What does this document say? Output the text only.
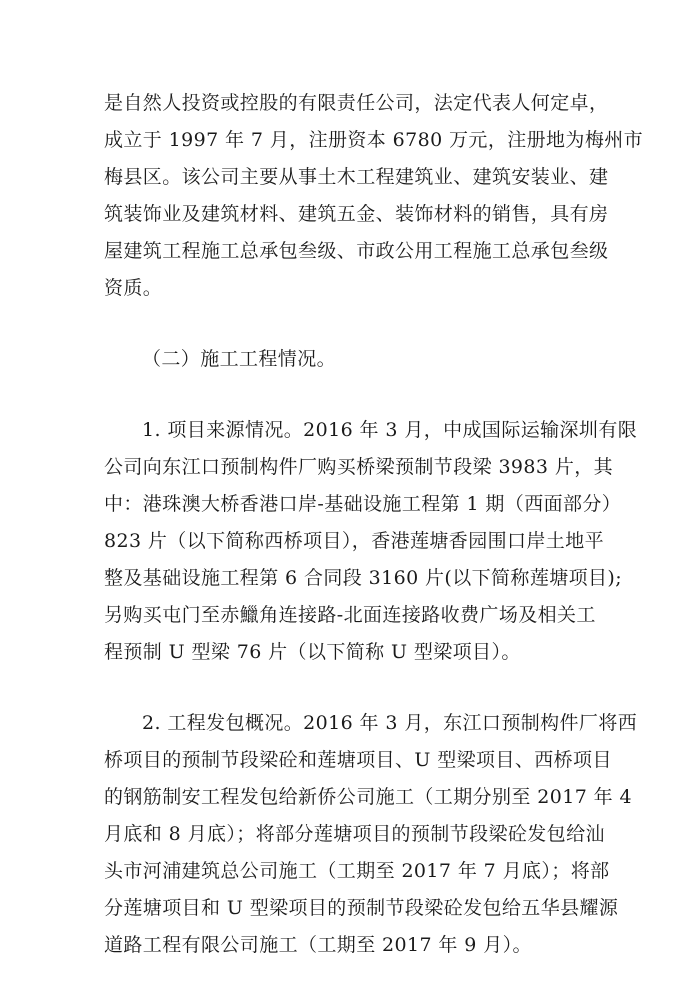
是自然人投资或控股的有限责任公司，法定代表人何定卓，
成立于 1997 年 7 月，注册资本 6780 万元，注册地为梅州市
梅县区。该公司主要从事土木工程建筑业、建筑安装业、建
筑装饰业及建筑材料、建筑五金、装饰材料的销售，具有房
屋建筑工程施工总承包叁级、市政公用工程施工总承包叁级
资质。
（二）施工工程情况。
1. 项目来源情况。2016 年 3 月，中成国际运输深圳有限
公司向东江口预制构件厂购买桥梁预制节段梁 3983 片，其
中：港珠澳大桥香港口岸-基础设施工程第 1 期（西面部分）
823 片（以下简称西桥项目），香港莲塘香园围口岸土地平
整及基础设施工程第 6 合同段 3160 片(以下简称莲塘项目);
另购买屯门至赤鱲角连接路-北面连接路收费广场及相关工
程预制 U 型梁 76 片（以下简称 U 型梁项目）。
2. 工程发包概况。2016 年 3 月，东江口预制构件厂将西
桥项目的预制节段梁砼和莲塘项目、U 型梁项目、西桥项目
的钢筋制安工程发包给新侨公司施工（工期分别至 2017 年 4
月底和 8 月底）；将部分莲塘项目的预制节段梁砼发包给汕
头市河浦建筑总公司施工（工期至 2017 年 7 月底）；将部
分莲塘项目和 U 型梁项目的预制节段梁砼发包给五华县耀源
道路工程有限公司施工（工期至 2017 年 9 月）。
